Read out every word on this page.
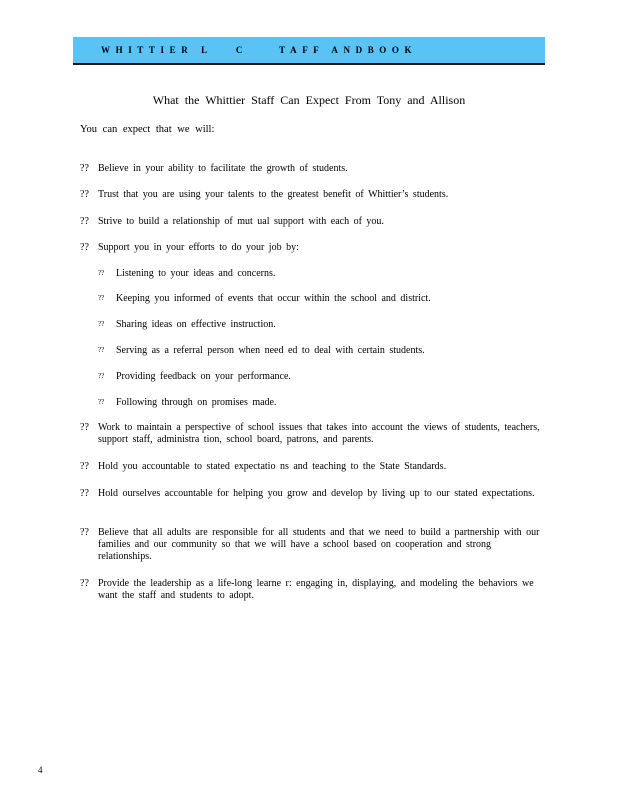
WHITTIER L   C    TAFF ANDBOOK
What the Whittier Staff Can Expect From Tony and Allison
You can expect that we will:
?? Believe in your ability to facilitate the growth of students.
?? Trust that you are using your talents to the greatest benefit of Whittier’s students.
?? Strive to build a relationship of mut ual support with each of you.
?? Support you in your efforts to do your job by:
?? Listening to your ideas and concerns.
?? Keeping you informed of events that occur within the school and district.
?? Sharing ideas on effective instruction.
?? Serving as a referral person when need ed to deal with certain students.
?? Providing feedback on your performance.
?? Following through on promises made.
?? Work to maintain a perspective of school issues that takes into account the views of students, teachers, support staff, administra tion, school board, patrons, and parents.
?? Hold you accountable to stated expectatio ns and teaching to the State Standards.
?? Hold ourselves accountable for helping you grow and develop by living up to our stated expectations.
?? Believe that all adults are responsible for all students and that we need to build a partnership with our families and our community so that we will have a school based on cooperation and strong relationships.
?? Provide the leadership as a life-long learne r: engaging in, displaying, and modeling the behaviors we want the staff and students to adopt.
4
